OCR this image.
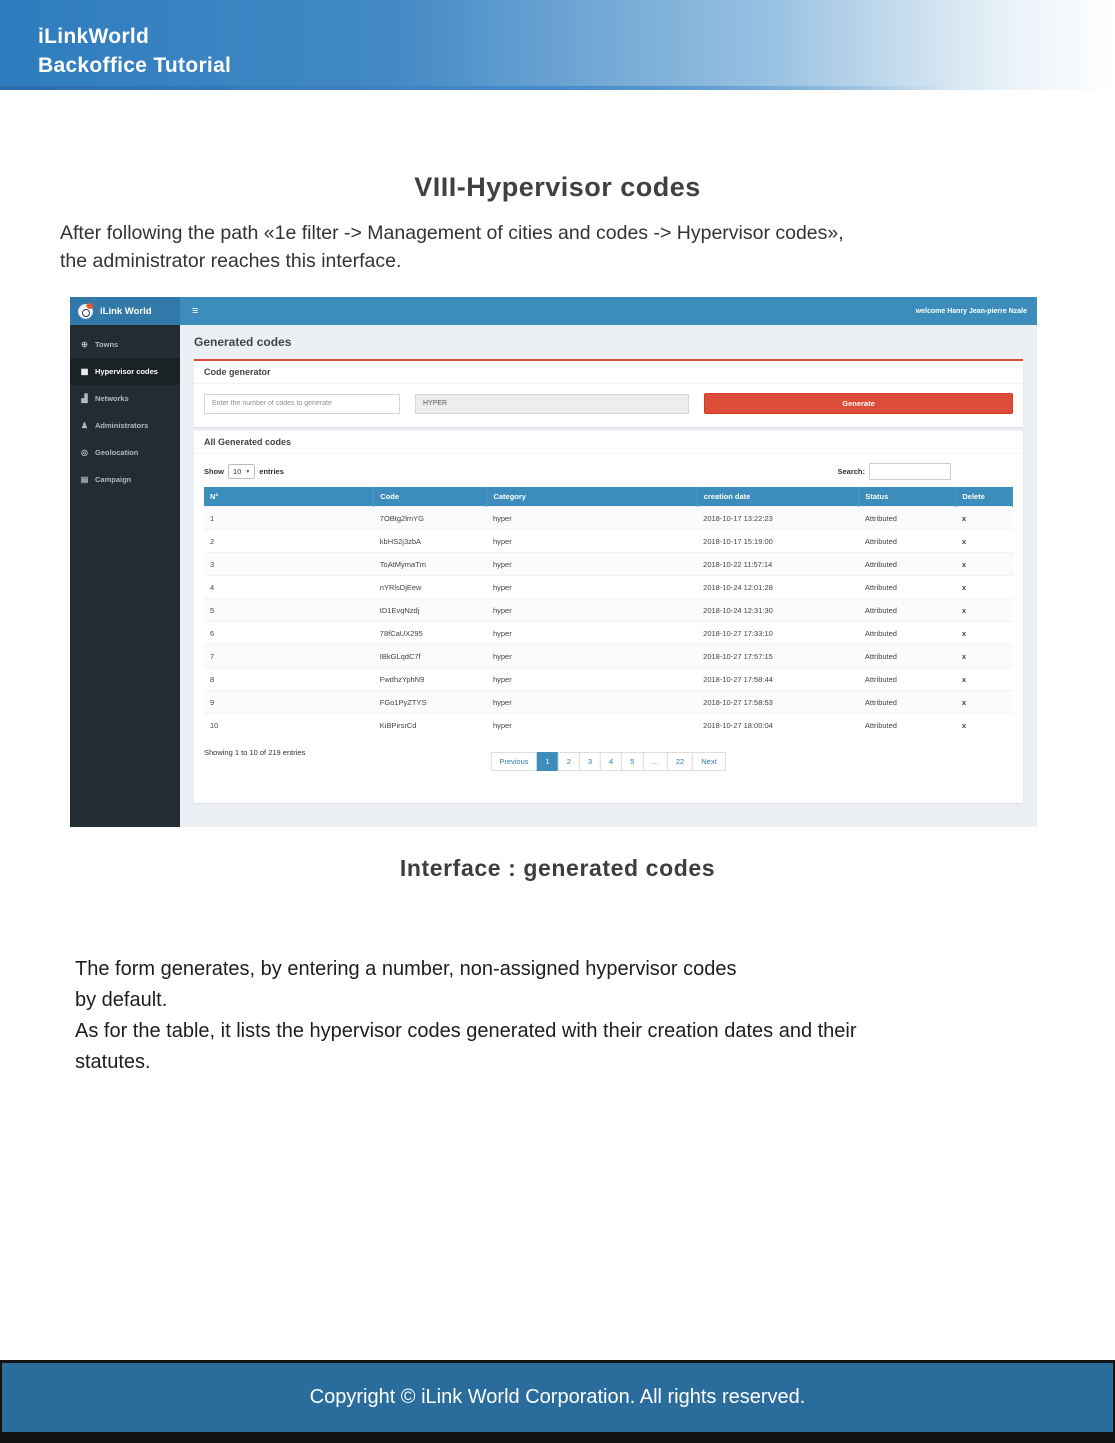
iLinkWorld
Backoffice Tutorial
VIII-Hypervisor codes
After following the path «1e filter -> Management of cities and codes -> Hypervisor codes»,
the administrator reaches this interface.
iLink World	≡	welcome Hanry Jean-pierre Nzale
⊕ Towns
▦ Hypervisor codes
▟ Networks
♟ Administrators
◎ Geolocation
▤ Campaign
Generated codes
Code generator
Enter the number of codes to generate
HYPER
Generate
All Generated codes
Show 10 ▼ entries	Search:
N°	Code	Category	creation date	Status	Delete
1	7OBtg2lmYG	hyper	2018-10-17 13:22:23	Attributed	x
2	kbHS2j3zbA	hyper	2018-10-17 15:19:00	Attributed	x
3	ToAtMymaTm	hyper	2018-10-22 11:57:14	Attributed	x
4	nYRlsDjEew	hyper	2018-10-24 12:01:28	Attributed	x
5	tD1EvqNzdj	hyper	2018-10-24 12:31:30	Attributed	x
6	78fCaUX295	hyper	2018-10-27 17:33:10	Attributed	x
7	IBkGLqdC7f	hyper	2018-10-27 17:57:15	Attributed	x
8	FwdhzYphN9	hyper	2018-10-27 17:58:44	Attributed	x
9	FGo1PyZTYS	hyper	2018-10-27 17:58:53	Attributed	x
10	KiBPirsrCd	hyper	2018-10-27 18:00:04	Attributed	x
Showing 1 to 10 of 219 entries
Previous	1	2	3	4	5	…	22	Next
Interface : generated codes
The form generates, by entering a number, non-assigned hypervisor codes
by default.
As for the table, it lists the hypervisor codes generated with their creation dates and their
statutes.
Copyright © iLink World Corporation. All rights reserved.
